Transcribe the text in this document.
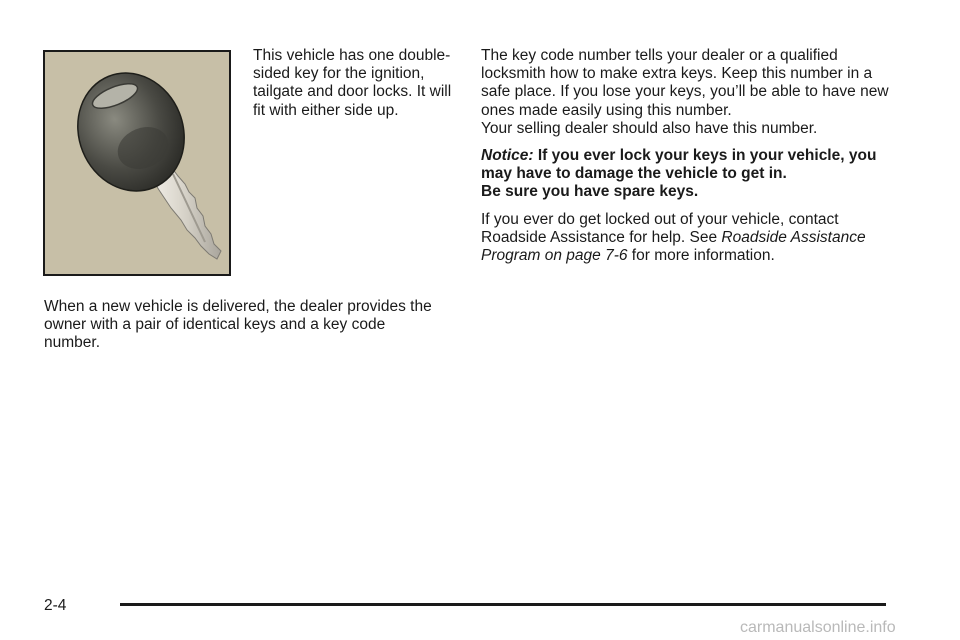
This vehicle has one double-sided key for the ignition, tailgate and door locks. It will fit with either side up.

When a new vehicle is delivered, the dealer provides the owner with a pair of identical keys and a key code number.

The key code number tells your dealer or a qualified locksmith how to make extra keys. Keep this number in a safe place. If you lose your keys, you’ll be able to have new ones made easily using this number.
Your selling dealer should also have this number.

Notice: If you ever lock your keys in your vehicle, you may have to damage the vehicle to get in.
Be sure you have spare keys.

If you ever do get locked out of your vehicle, contact Roadside Assistance for help. See Roadside Assistance Program on page 7-6 for more information.

2-4
carmanualsonline.info
